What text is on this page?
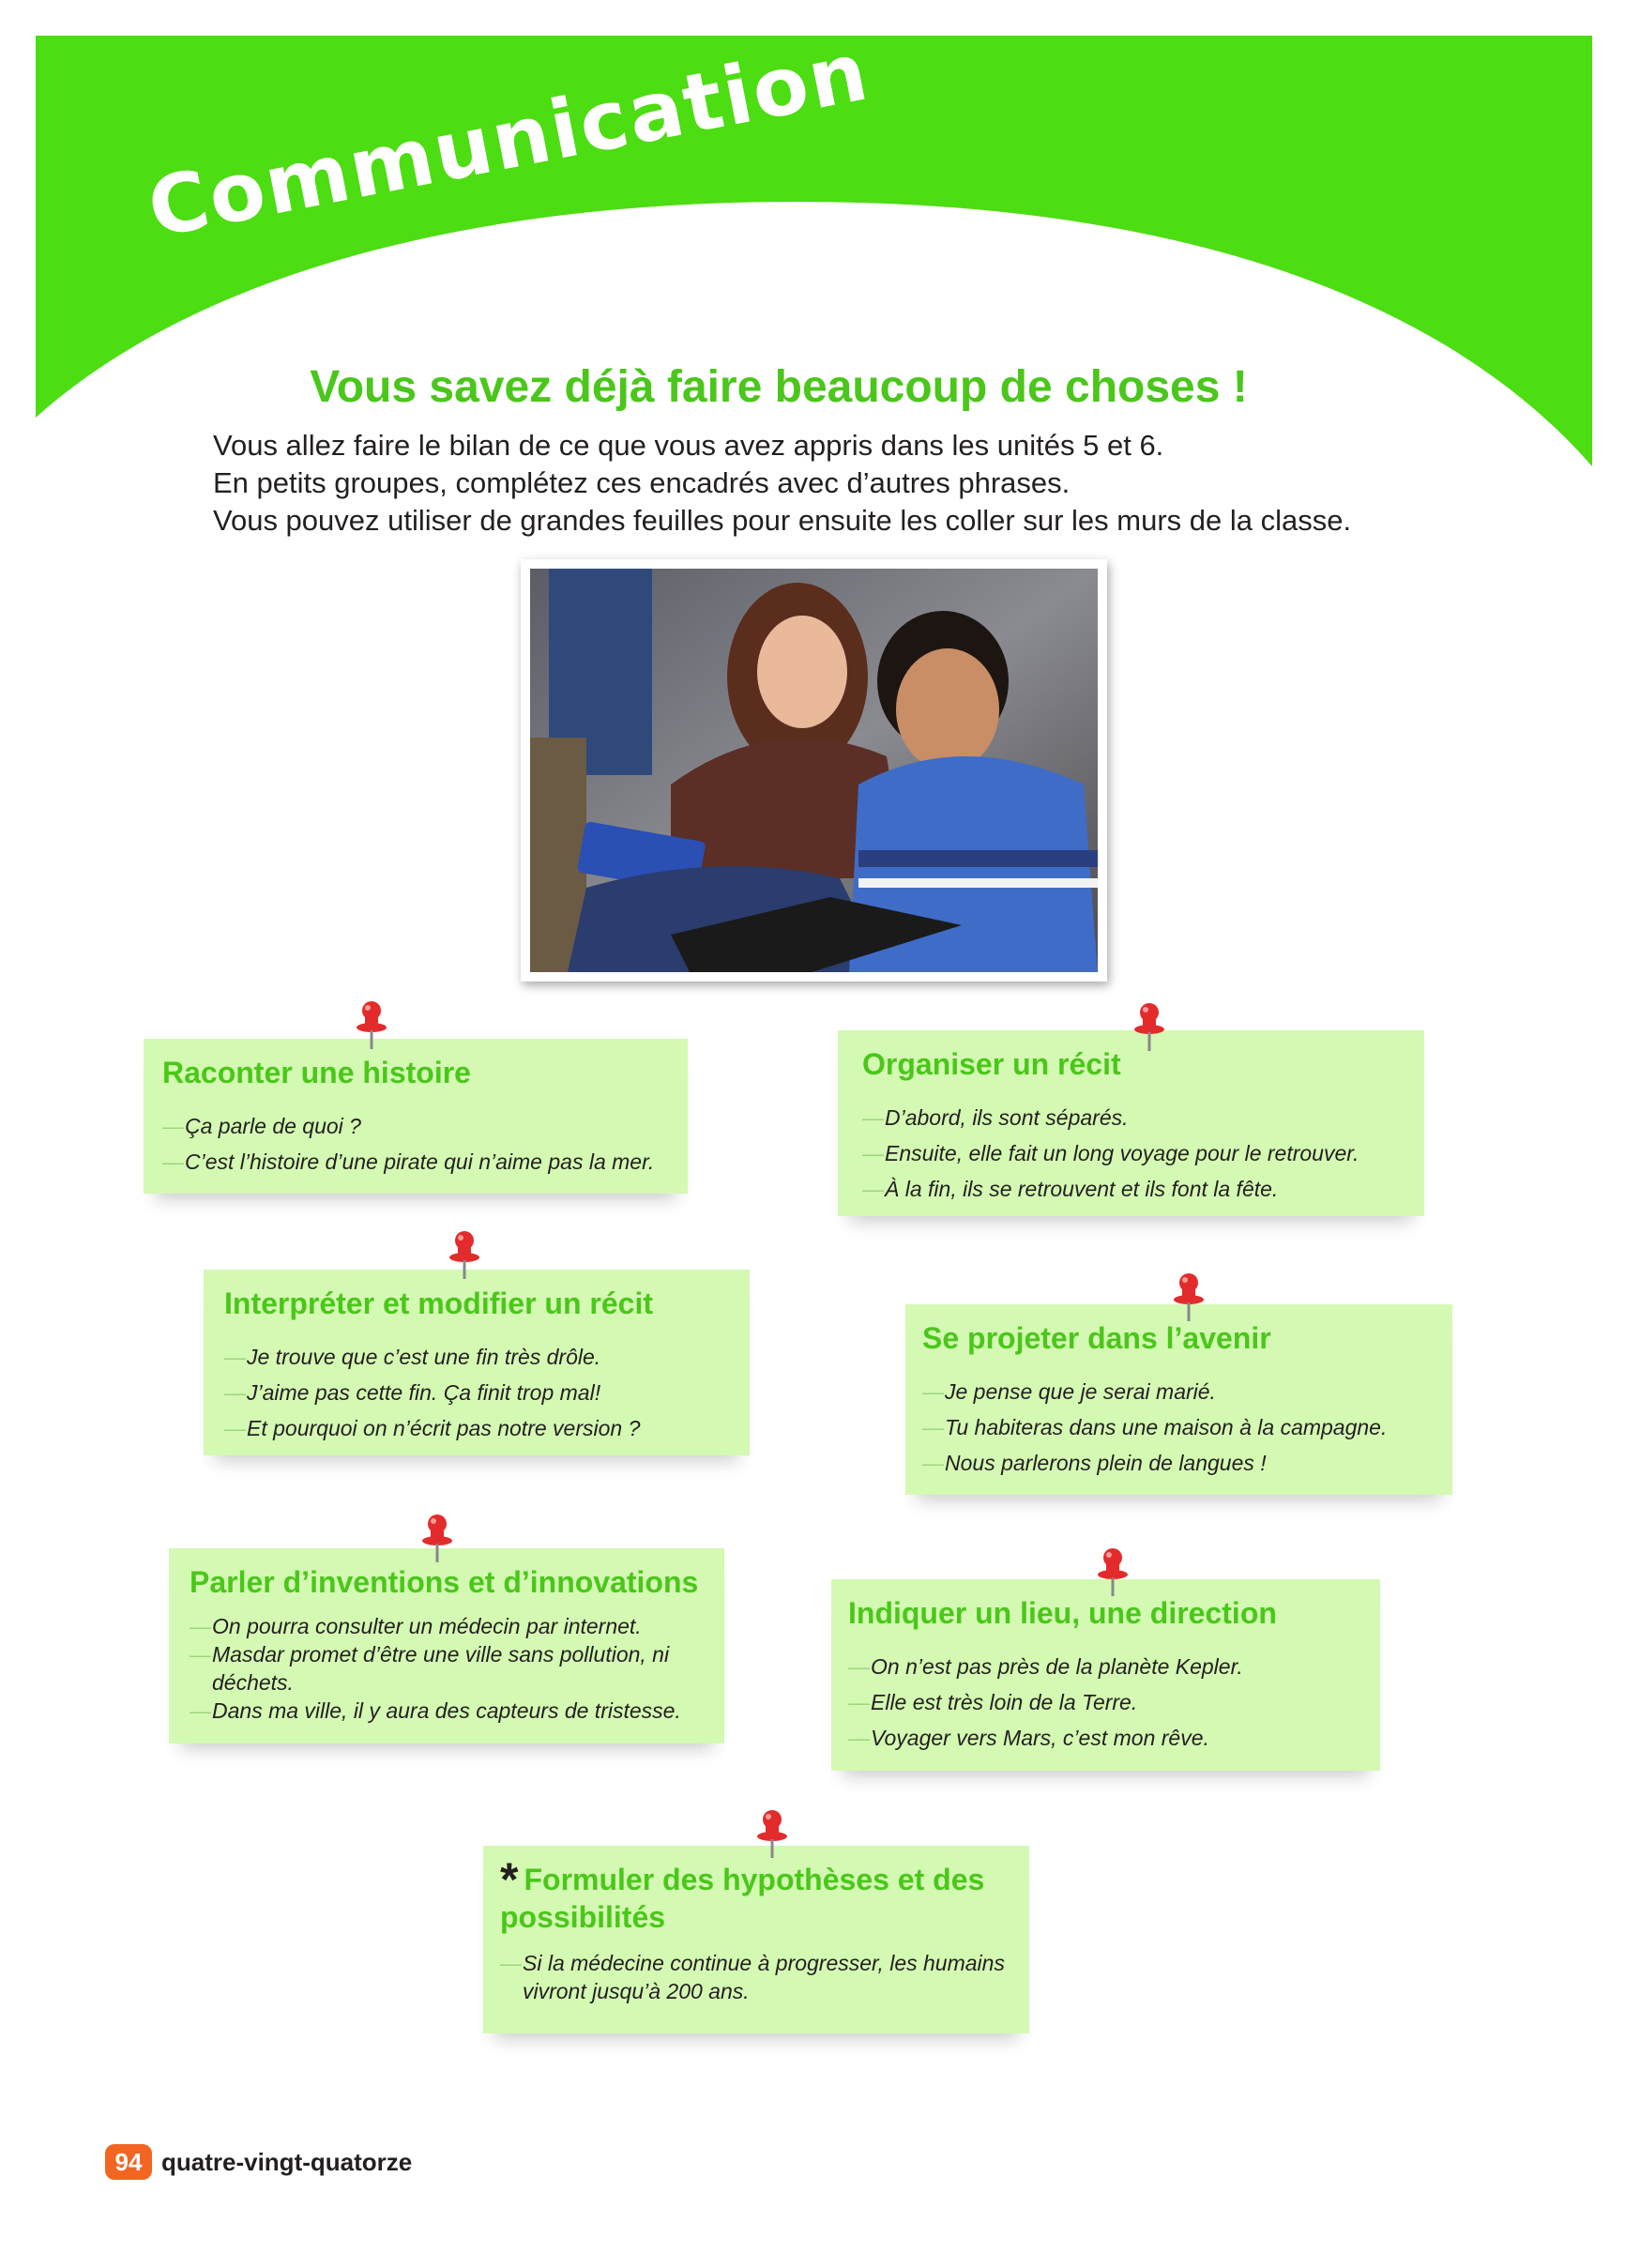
Communication
Vous savez déjà faire beaucoup de choses !

Vous allez faire le bilan de ce que vous avez appris dans les unités 5 et 6.

En petits groupes, complétez ces encadrés avec d’autres phrases.

Vous pouvez utiliser de grandes feuilles pour ensuite les coller sur les murs de la classe.

Raconter une histoire
— Ça parle de quoi ?
— C’est l’histoire d’une pirate qui n’aime pas la mer.
Organiser un récit
— D’abord, ils sont séparés.
— Ensuite, elle fait un long voyage pour le retrouver.
— À la fin, ils se retrouvent et ils font la fête.
Interpréter et modifier un récit
— Je trouve que c’est une fin très drôle.
— J’aime pas cette fin. Ça finit trop mal!
— Et pourquoi on n’écrit pas notre version ?
Se projeter dans l’avenir
— Je pense que je serai marié.
— Tu habiteras dans une maison à la campagne.
— Nous parlerons plein de langues !
Parler d’inventions et d’innovations
— On pourra consulter un médecin par internet.
— Masdar promet d’être une ville sans pollution, ni déchets.
— Dans ma ville, il y aura des capteurs de tristesse.
Indiquer un lieu, une direction
— On n’est pas près de la planète Kepler.
— Elle est très loin de la Terre.
— Voyager vers Mars, c’est mon rêve.
* Formuler des hypothèses et des possibilités
— Si la médecine continue à progresser, les humains vivront jusqu’à 200 ans.
94 quatre-vingt-quatorze
